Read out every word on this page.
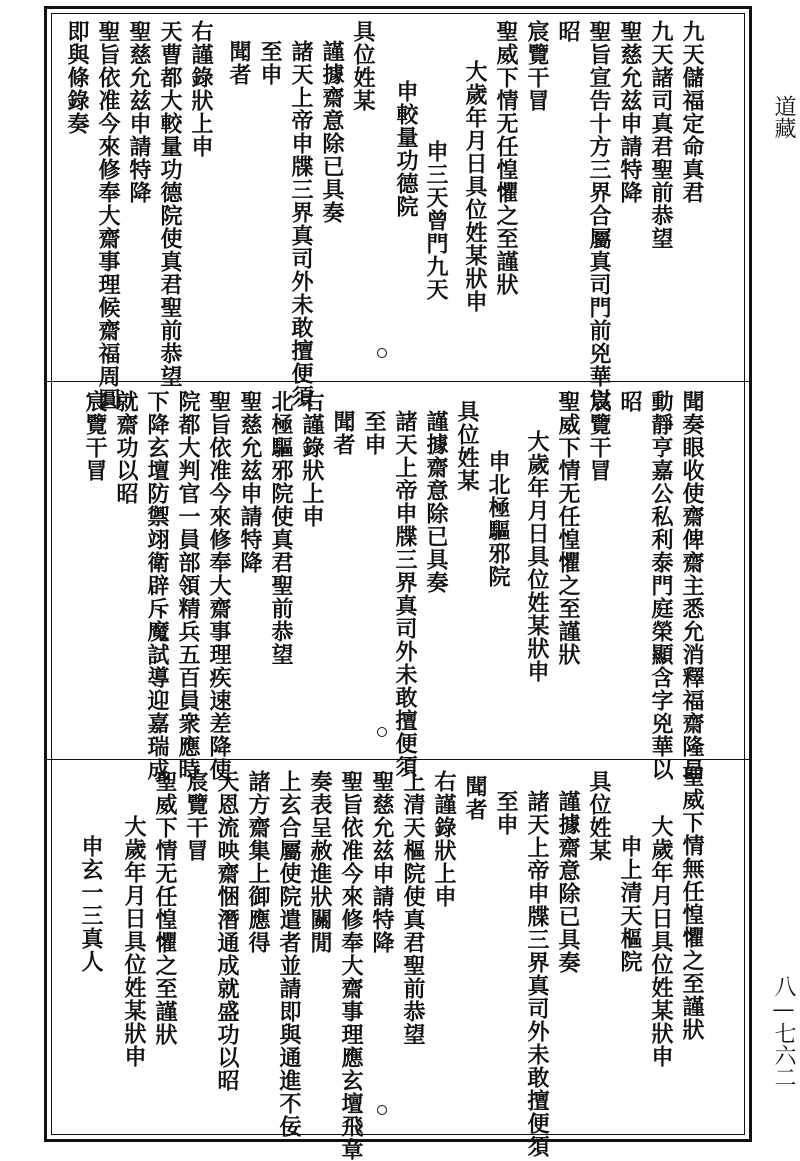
九天儲福定命真君
九天諸司真君聖前恭望
聖慈允兹申請特降
聖旨宣告十方三界合屬真司門前兇華以
昭
宸覽干冒
聖威下情无任惶懼之至謹狀
大歲年月日具位姓某狀申
申三天曾門九天
申較量功德院
具位姓某
謹據齋意除已具奏
諸天上帝申牒三界真司外未敢擅便須
至申
聞者
右謹錄狀上申
天曹都大較量功德院使真君聖前恭望
聖慈允兹申請特降
聖旨依准今來修奉大齋事理候齋福周圓
即與條錄奏
聞奏眼收使齋俾齋主悉允消釋福齋隆昌
動靜亨嘉公私利泰門庭榮顯含字兇華以
昭
宸覽干冒
聖威下情无任惶懼之至謹狀
大歲年月日具位姓某狀申
申北極驅邪院
具位姓某
謹據齋意除已具奏
諸天上帝申牒三界真司外未敢擅便須
至申
聞者
右謹錄狀上申
北極驅邪院使真君聖前恭望
聖慈允兹申請特降
聖旨依准今來修奉大齋事理疾速差降使
院都大判官一員部領精兵五百員衆應時
下降玄壇防禦翊衛辟斥魔試導迎嘉瑞成
就齋功以昭
宸覽干冒
聖威下情無任惶懼之至謹狀
大歲年月日具位姓某狀申
申上清天樞院
具位姓某
謹據齋意除已具奏
諸天上帝申牒三界真司外未敢擅便須
至申
聞者
右謹錄狀上申
上清天樞院使真君聖前恭望
聖慈允兹申請特降
聖旨依准今來修奉大齋事理應玄壇飛章
奏表呈赦進狀關閒
上玄合屬使院遣者並請即與通進不佞
諸方齋集上御應得
天恩流映齋悃潛通成就盛功以昭
宸覽干冒
聖威下情无任惶懼之至謹狀
大歲年月日具位姓某狀申
申玄一三真人
道藏
八—七六二
